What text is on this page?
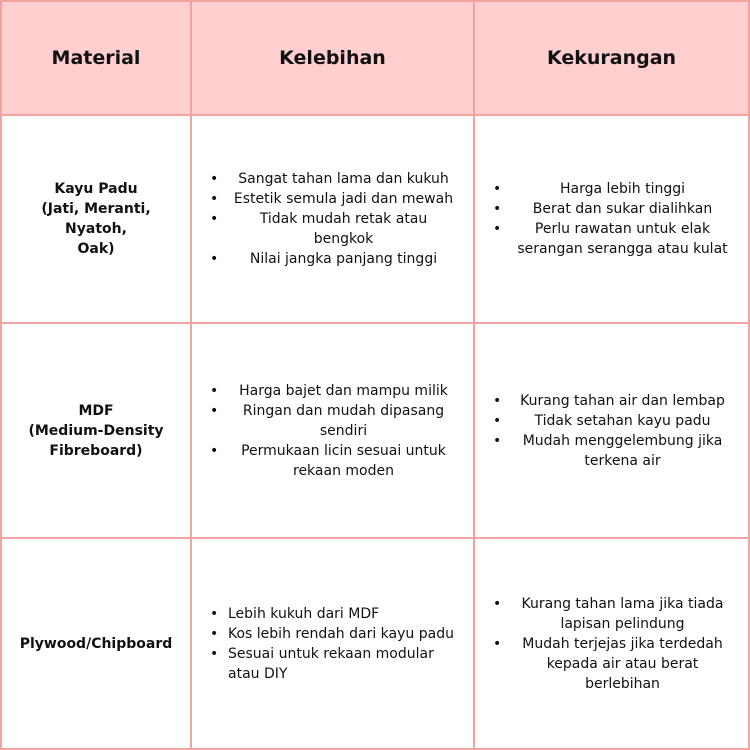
Material	Kelebihan	Kekurangan
Kayu Padu
(Jati, Meranti, Nyatoh,
Oak)
• Sangat tahan lama dan kukuh
• Estetik semula jadi dan mewah
• Tidak mudah retak atau bengkok
• Nilai jangka panjang tinggi
• Harga lebih tinggi
• Berat dan sukar dialihkan
• Perlu rawatan untuk elak serangan serangga atau kulat
MDF
(Medium-Density
Fibreboard)
• Harga bajet dan mampu milik
• Ringan dan mudah dipasang sendiri
• Permukaan licin sesuai untuk rekaan moden
• Kurang tahan air dan lembap
• Tidak setahan kayu padu
• Mudah menggelembung jika terkena air
Plywood/Chipboard
• Lebih kukuh dari MDF
• Kos lebih rendah dari kayu padu
• Sesuai untuk rekaan modular atau DIY
• Kurang tahan lama jika tiada lapisan pelindung
• Mudah terjejas jika terdedah kepada air atau berat berlebihan
